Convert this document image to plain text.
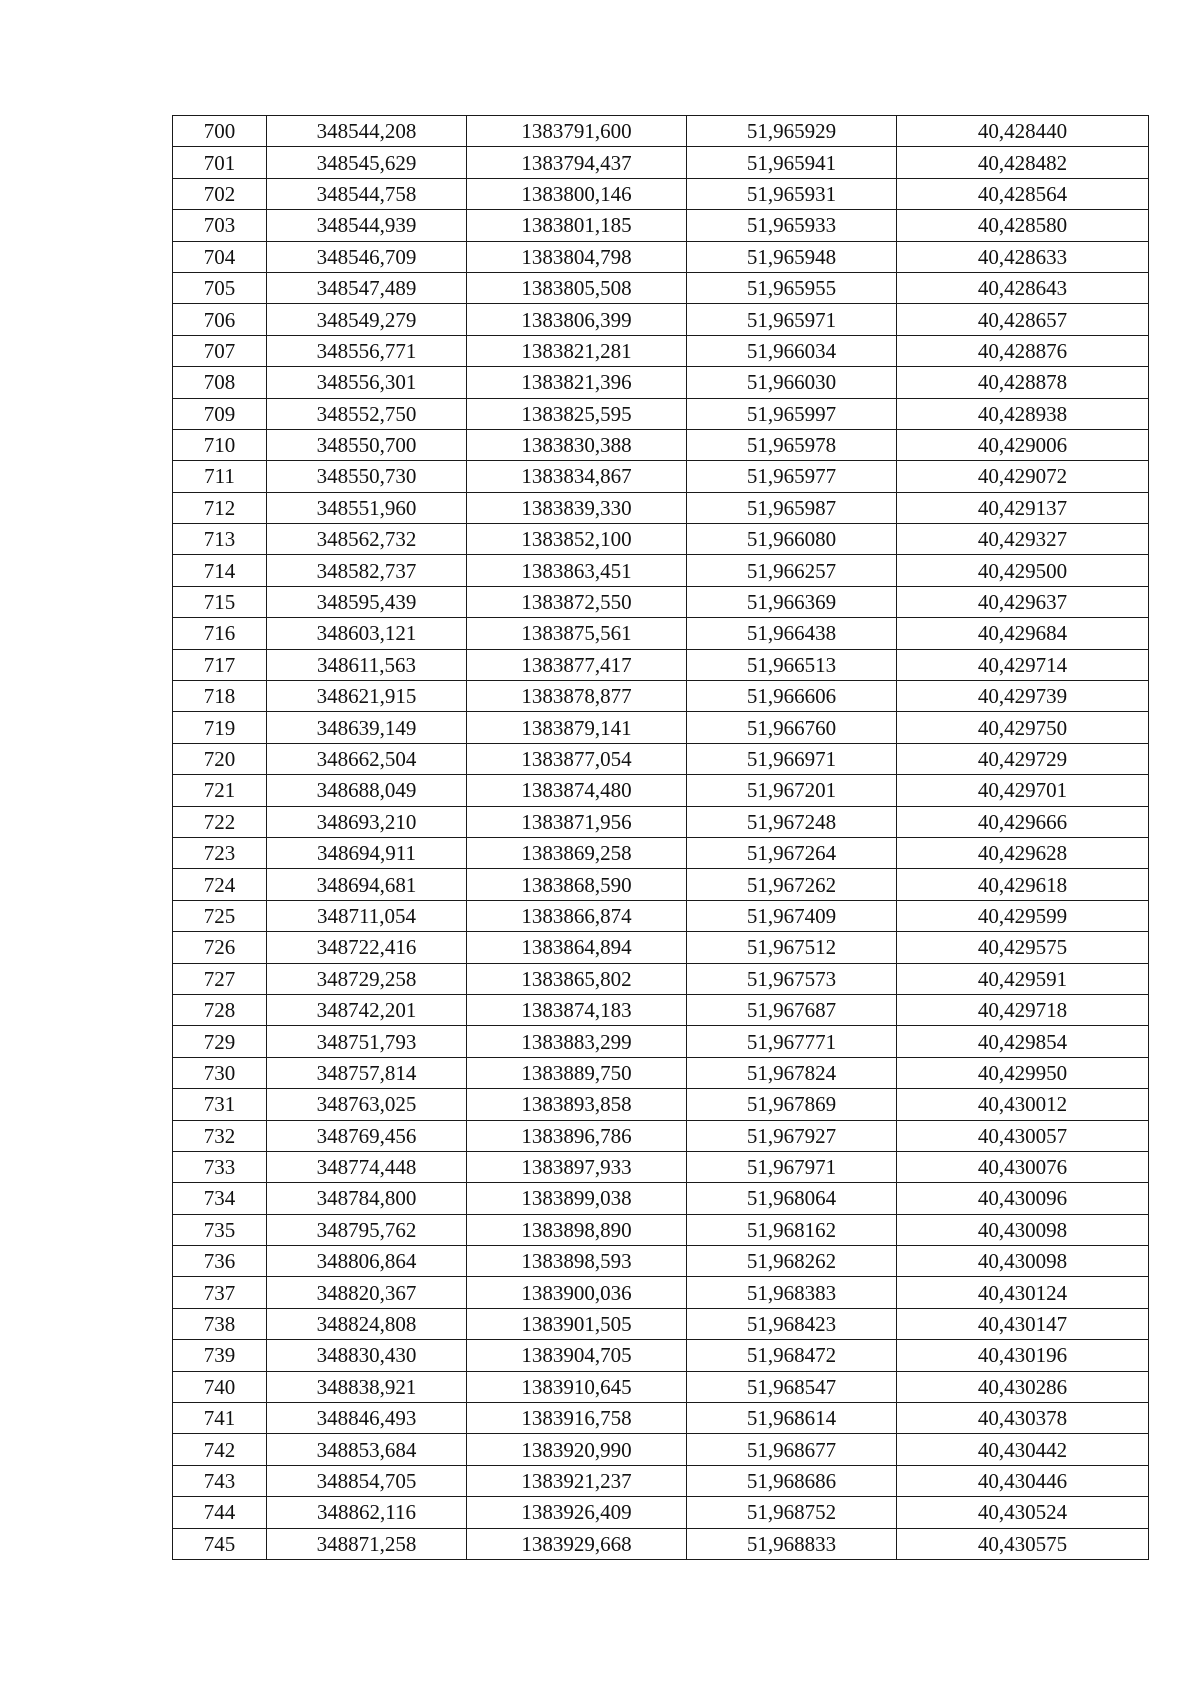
700	348544,208	1383791,600	51,965929	40,428440
701	348545,629	1383794,437	51,965941	40,428482
702	348544,758	1383800,146	51,965931	40,428564
703	348544,939	1383801,185	51,965933	40,428580
704	348546,709	1383804,798	51,965948	40,428633
705	348547,489	1383805,508	51,965955	40,428643
706	348549,279	1383806,399	51,965971	40,428657
707	348556,771	1383821,281	51,966034	40,428876
708	348556,301	1383821,396	51,966030	40,428878
709	348552,750	1383825,595	51,965997	40,428938
710	348550,700	1383830,388	51,965978	40,429006
711	348550,730	1383834,867	51,965977	40,429072
712	348551,960	1383839,330	51,965987	40,429137
713	348562,732	1383852,100	51,966080	40,429327
714	348582,737	1383863,451	51,966257	40,429500
715	348595,439	1383872,550	51,966369	40,429637
716	348603,121	1383875,561	51,966438	40,429684
717	348611,563	1383877,417	51,966513	40,429714
718	348621,915	1383878,877	51,966606	40,429739
719	348639,149	1383879,141	51,966760	40,429750
720	348662,504	1383877,054	51,966971	40,429729
721	348688,049	1383874,480	51,967201	40,429701
722	348693,210	1383871,956	51,967248	40,429666
723	348694,911	1383869,258	51,967264	40,429628
724	348694,681	1383868,590	51,967262	40,429618
725	348711,054	1383866,874	51,967409	40,429599
726	348722,416	1383864,894	51,967512	40,429575
727	348729,258	1383865,802	51,967573	40,429591
728	348742,201	1383874,183	51,967687	40,429718
729	348751,793	1383883,299	51,967771	40,429854
730	348757,814	1383889,750	51,967824	40,429950
731	348763,025	1383893,858	51,967869	40,430012
732	348769,456	1383896,786	51,967927	40,430057
733	348774,448	1383897,933	51,967971	40,430076
734	348784,800	1383899,038	51,968064	40,430096
735	348795,762	1383898,890	51,968162	40,430098
736	348806,864	1383898,593	51,968262	40,430098
737	348820,367	1383900,036	51,968383	40,430124
738	348824,808	1383901,505	51,968423	40,430147
739	348830,430	1383904,705	51,968472	40,430196
740	348838,921	1383910,645	51,968547	40,430286
741	348846,493	1383916,758	51,968614	40,430378
742	348853,684	1383920,990	51,968677	40,430442
743	348854,705	1383921,237	51,968686	40,430446
744	348862,116	1383926,409	51,968752	40,430524
745	348871,258	1383929,668	51,968833	40,430575
